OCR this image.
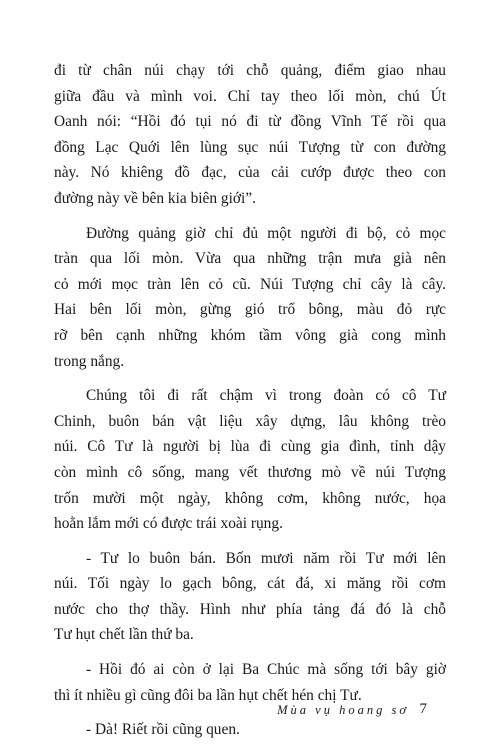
đi từ chân núi chạy tới chỗ quảng, điểm giao nhau
giữa đầu và mình voi. Chỉ tay theo lối mòn, chú Út
Oanh nói: “Hồi đó tụi nó đi từ đồng Vĩnh Tế rồi qua
đồng Lạc Quới lên lùng sục núi Tượng từ con đường
này. Nó khiêng đồ đạc, của cải cướp được theo con
đường này về bên kia biên giới”.

Đường quảng giờ chỉ đủ một người đi bộ, cỏ mọc
tràn qua lối mòn. Vừa qua những trận mưa già nên
cỏ mới mọc tràn lên cỏ cũ. Núi Tượng chỉ cây là cây.
Hai bên lối mòn, gừng gió trổ bông, màu đỏ rực
rỡ bên cạnh những khóm tầm vông già cong mình
trong nắng.

Chúng tôi đi rất chậm vì trong đoàn có cô Tư
Chinh, buôn bán vật liệu xây dựng, lâu không trèo
núi. Cô Tư là người bị lùa đi cùng gia đình, tỉnh dậy
còn mình cô sống, mang vết thương mò về núi Tượng
trốn mười một ngày, không cơm, không nước, họa
hoằn lắm mới có được trái xoài rụng.

- Tư lo buôn bán. Bốn mươi năm rồi Tư mới lên
núi. Tối ngày lo gạch bông, cát đá, xi măng rồi cơm
nước cho thợ thầy. Hình như phía tảng đá đó là chỗ
Tư hụt chết lần thứ ba.

- Hồi đó ai còn ở lại Ba Chúc mà sống tới bây giờ
thì ít nhiều gì cũng đôi ba lần hụt chết hén chị Tư.

- Dà! Riết rồi cũng quen.

Mùa vụ hoang sơ 7
